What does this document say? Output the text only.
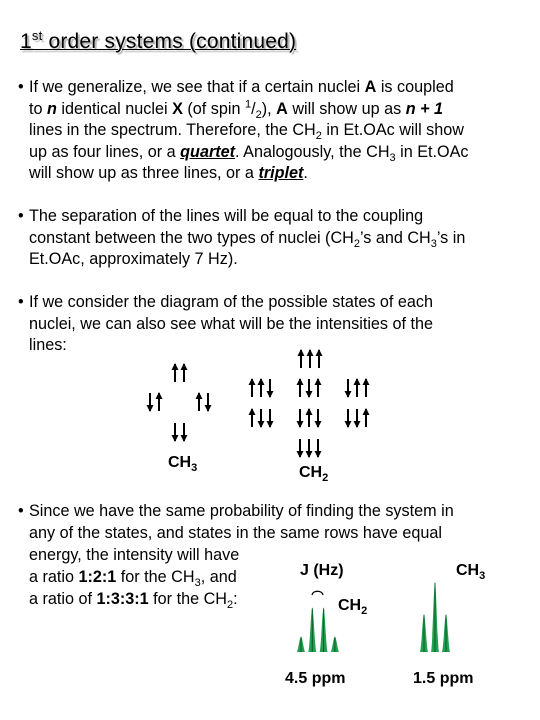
1st order systems (continued)
• If we generalize, we see that if a certain nuclei A is coupled
to n identical nuclei X (of spin $^1/_2$), A will show up as n + 1
lines in the spectrum. Therefore, the $CH_2$ in Et.OAc will show
up as four lines, or a quartet. Analogously, the $CH_3$ in Et.OAc
will show up as three lines, or a triplet.
• The separation of the lines will be equal to the coupling
constant between the two types of nuclei ($CH_2’s$ and $CH_3’s$ in
Et.OAc, approximately 7 Hz).
• If we consider the diagram of the possible states of each
nuclei, we can also see what will be the intensities of the
lines:
$CH_3$	$CH_2$
• Since we have the same probability of finding the system in
any of the states, and states in the same rows have equal
energy, the intensity will have
a ratio 1:2:1 for the $CH_3$, and
a ratio of 1:3:3:1 for the $CH_2$:
J (Hz)	$CH_3$
$CH_2$
4.5 ppm	1.5 ppm
